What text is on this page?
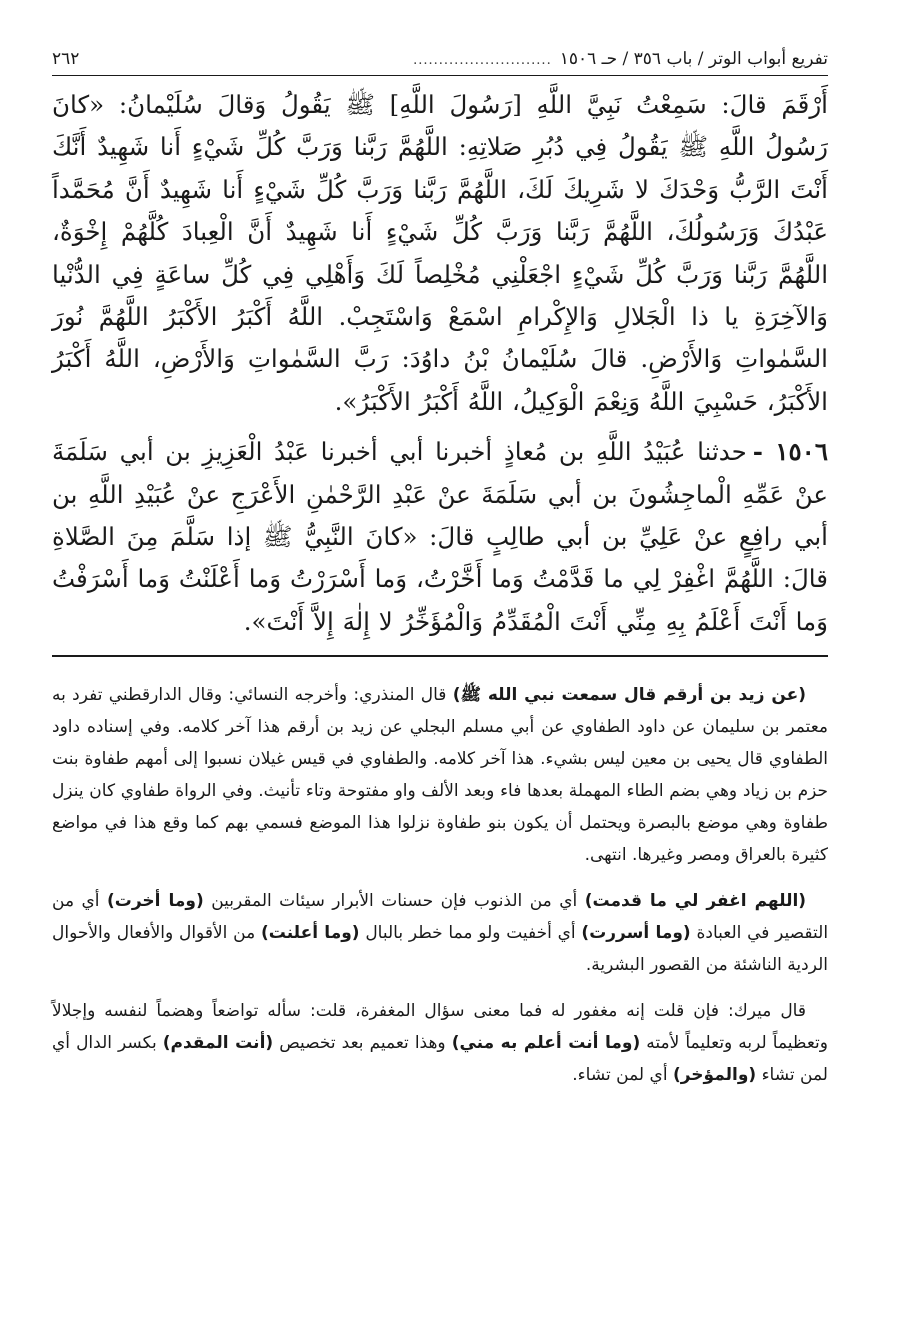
تفريع أبواب الوتر / باب ٣٥٦ / حـ ١٥٠٦
...........................
٢٦٢

أَرْقَمَ قالَ: سَمِعْتُ نَبِيَّ اللَّهِ [رَسُولَ اللَّهِ] ﷺ يَقُولُ وَقالَ سُلَيْمانُ: «كانَ رَسُولُ اللَّهِ ﷺ يَقُولُ فِي دُبُرِ صَلاتِهِ: اللَّهُمَّ رَبَّنا وَرَبَّ كُلِّ شَيْءٍ أَنا شَهِيدٌ أَنَّكَ أَنْتَ الرَّبُّ وَحْدَكَ لا شَرِيكَ لَكَ، اللَّهُمَّ رَبَّنا وَرَبَّ كُلِّ شَيْءٍ أَنا شَهِيدٌ أَنَّ مُحَمَّداً عَبْدُكَ وَرَسُولُكَ، اللَّهُمَّ رَبَّنا وَرَبَّ كُلِّ شَيْءٍ أَنا شَهِيدٌ أَنَّ الْعِبادَ كُلَّهُمْ إِخْوَةٌ، اللَّهُمَّ رَبَّنا وَرَبَّ كُلِّ شَيْءٍ اجْعَلْنِي مُخْلِصاً لَكَ وَأَهْلِي فِي كُلِّ ساعَةٍ فِي الدُّنْيا وَالآخِرَةِ يا ذا الْجَلالِ وَالإِكْرامِ اسْمَعْ وَاسْتَجِبْ. اللَّهُ أَكْبَرُ الأَكْبَرُ اللَّهُمَّ نُورَ السَّمٰواتِ وَالأَرْضِ. قالَ سُلَيْمانُ بْنُ داوُدَ: رَبَّ السَّمٰواتِ وَالأَرْضِ، اللَّهُ أَكْبَرُ الأَكْبَرُ، حَسْبِيَ اللَّهُ وَنِعْمَ الْوَكِيلُ، اللَّهُ أَكْبَرُ الأَكْبَرُ».

١٥٠٦ -حدثنا عُبَيْدُ اللَّهِ بن مُعاذٍ أخبرنا أبي أخبرنا عَبْدُ الْعَزِيزِ بن أبي سَلَمَةَ عنْ عَمِّهِ الْماجِشُونَ بن أبي سَلَمَةَ عنْ عَبْدِ الرَّحْمٰنِ الأَعْرَجِ عنْ عُبَيْدِ اللَّهِ بن أبي رافِعٍ عنْ عَلِيِّ بن أبي طالِبٍ قالَ: «كانَ النَّبِيُّ ﷺ إذا سَلَّمَ مِنَ الصَّلاةِ قالَ: اللَّهُمَّ اغْفِرْ لِي ما قَدَّمْتُ وَما أَخَّرْتُ، وَما أَسْرَرْتُ وَما أَعْلَنْتُ وَما أَسْرَفْتُ وَما أَنْتَ أَعْلَمُ بِهِ مِنِّي أَنْتَ الْمُقَدِّمُ وَالْمُؤَخِّرُ لا إِلٰهَ إِلاَّ أَنْتَ».

(عن زيد بن أرقم قال سمعت نبي الله ﷺ) قال المنذري: وأخرجه النسائي: وقال الدارقطني تفرد به معتمر بن سليمان عن داود الطفاوي عن أبي مسلم البجلي عن زيد بن أرقم هذا آخر كلامه. وفي إسناده داود الطفاوي قال يحيى بن معين ليس بشيء. هذا آخر كلامه. والطفاوي في قيس غيلان نسبوا إلى أمهم طفاوة بنت حزم بن زياد وهي بضم الطاء المهملة بعدها فاء وبعد الألف واو مفتوحة وتاء تأنيث. وفي الرواة طفاوي كان ينزل طفاوة وهي موضع بالبصرة ويحتمل أن يكون بنو طفاوة نزلوا هذا الموضع فسمي بهم كما وقع هذا في مواضع كثيرة بالعراق ومصر وغيرها. انتهى.

(اللهم اغفر لي ما قدمت) أي من الذنوب فإن حسنات الأبرار سيئات المقربين (وما أخرت) أي من التقصير في العبادة (وما أسررت) أي أخفيت ولو مما خطر بالبال (وما أعلنت) من الأقوال والأفعال والأحوال الردية الناشئة من القصور البشرية.

قال ميرك: فإن قلت إنه مغفور له فما معنى سؤال المغفرة، قلت: سأله تواضعاً وهضماً لنفسه وإجلالاً وتعظيماً لربه وتعليماً لأمته (وما أنت أعلم به مني) وهذا تعميم بعد تخصيص (أنت المقدم) بكسر الدال أي لمن تشاء (والمؤخر) أي لمن تشاء.
